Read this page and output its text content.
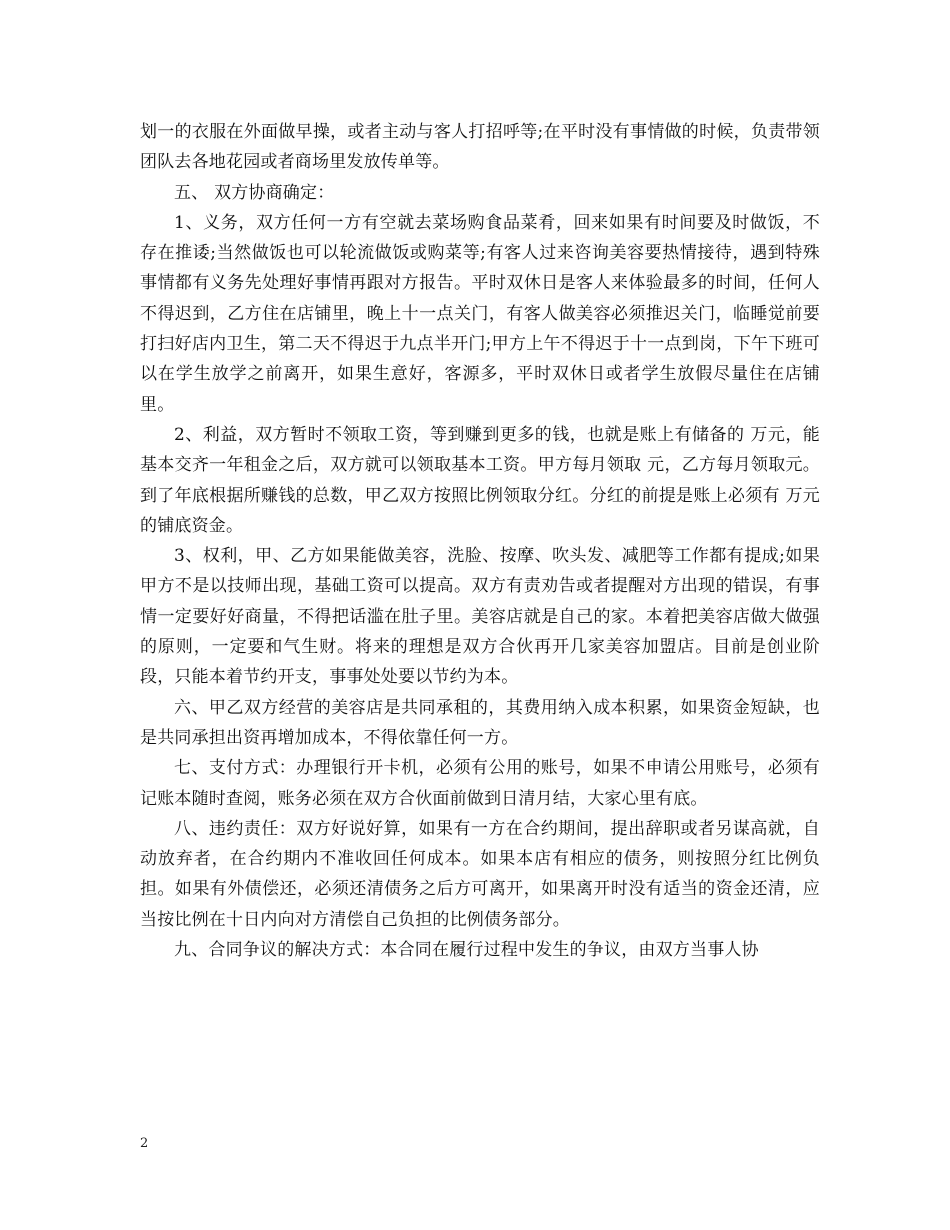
划一的衣服在外面做早操，或者主动与客人打招呼等;在平时没有事情做的时候，负责带领团队去各地花园或者商场里发放传单等。

五、 双方协商确定：

1、义务，双方任何一方有空就去菜场购食品菜肴，回来如果有时间要及时做饭，不存在推诿;当然做饭也可以轮流做饭或购菜等;有客人过来咨询美容要热情接待，遇到特殊事情都有义务先处理好事情再跟对方报告。平时双休日是客人来体验最多的时间，任何人不得迟到，乙方住在店铺里，晚上十一点关门，有客人做美容必须推迟关门，临睡觉前要打扫好店内卫生，第二天不得迟于九点半开门;甲方上午不得迟于十一点到岗，下午下班可以在学生放学之前离开，如果生意好，客源多，平时双休日或者学生放假尽量住在店铺里。

2、利益，双方暂时不领取工资，等到赚到更多的钱，也就是账上有储备的 万元，能基本交齐一年租金之后，双方就可以领取基本工资。甲方每月领取 元，乙方每月领取元。到了年底根据所赚钱的总数，甲乙双方按照比例领取分红。分红的前提是账上必须有 万元的铺底资金。

3、权利，甲、乙方如果能做美容，洗脸、按摩、吹头发、减肥等工作都有提成;如果甲方不是以技师出现，基础工资可以提高。双方有责劝告或者提醒对方出现的错误，有事情一定要好好商量，不得把话滥在肚子里。美容店就是自己的家。本着把美容店做大做强的原则，一定要和气生财。将来的理想是双方合伙再开几家美容加盟店。目前是创业阶段，只能本着节约开支，事事处处要以节约为本。

六、甲乙双方经营的美容店是共同承租的，其费用纳入成本积累，如果资金短缺，也是共同承担出资再增加成本，不得依靠任何一方。

七、支付方式：办理银行开卡机，必须有公用的账号，如果不申请公用账号，必须有记账本随时查阅，账务必须在双方合伙面前做到日清月结，大家心里有底。

八、违约责任：双方好说好算，如果有一方在合约期间，提出辞职或者另谋高就，自动放弃者，在合约期内不准收回任何成本。如果本店有相应的债务，则按照分红比例负担。如果有外债偿还，必须还清债务之后方可离开，如果离开时没有适当的资金还清，应当按比例在十日内向对方清偿自己负担的比例债务部分。

九、合同争议的解决方式：本合同在履行过程中发生的争议，由双方当事人协

2
